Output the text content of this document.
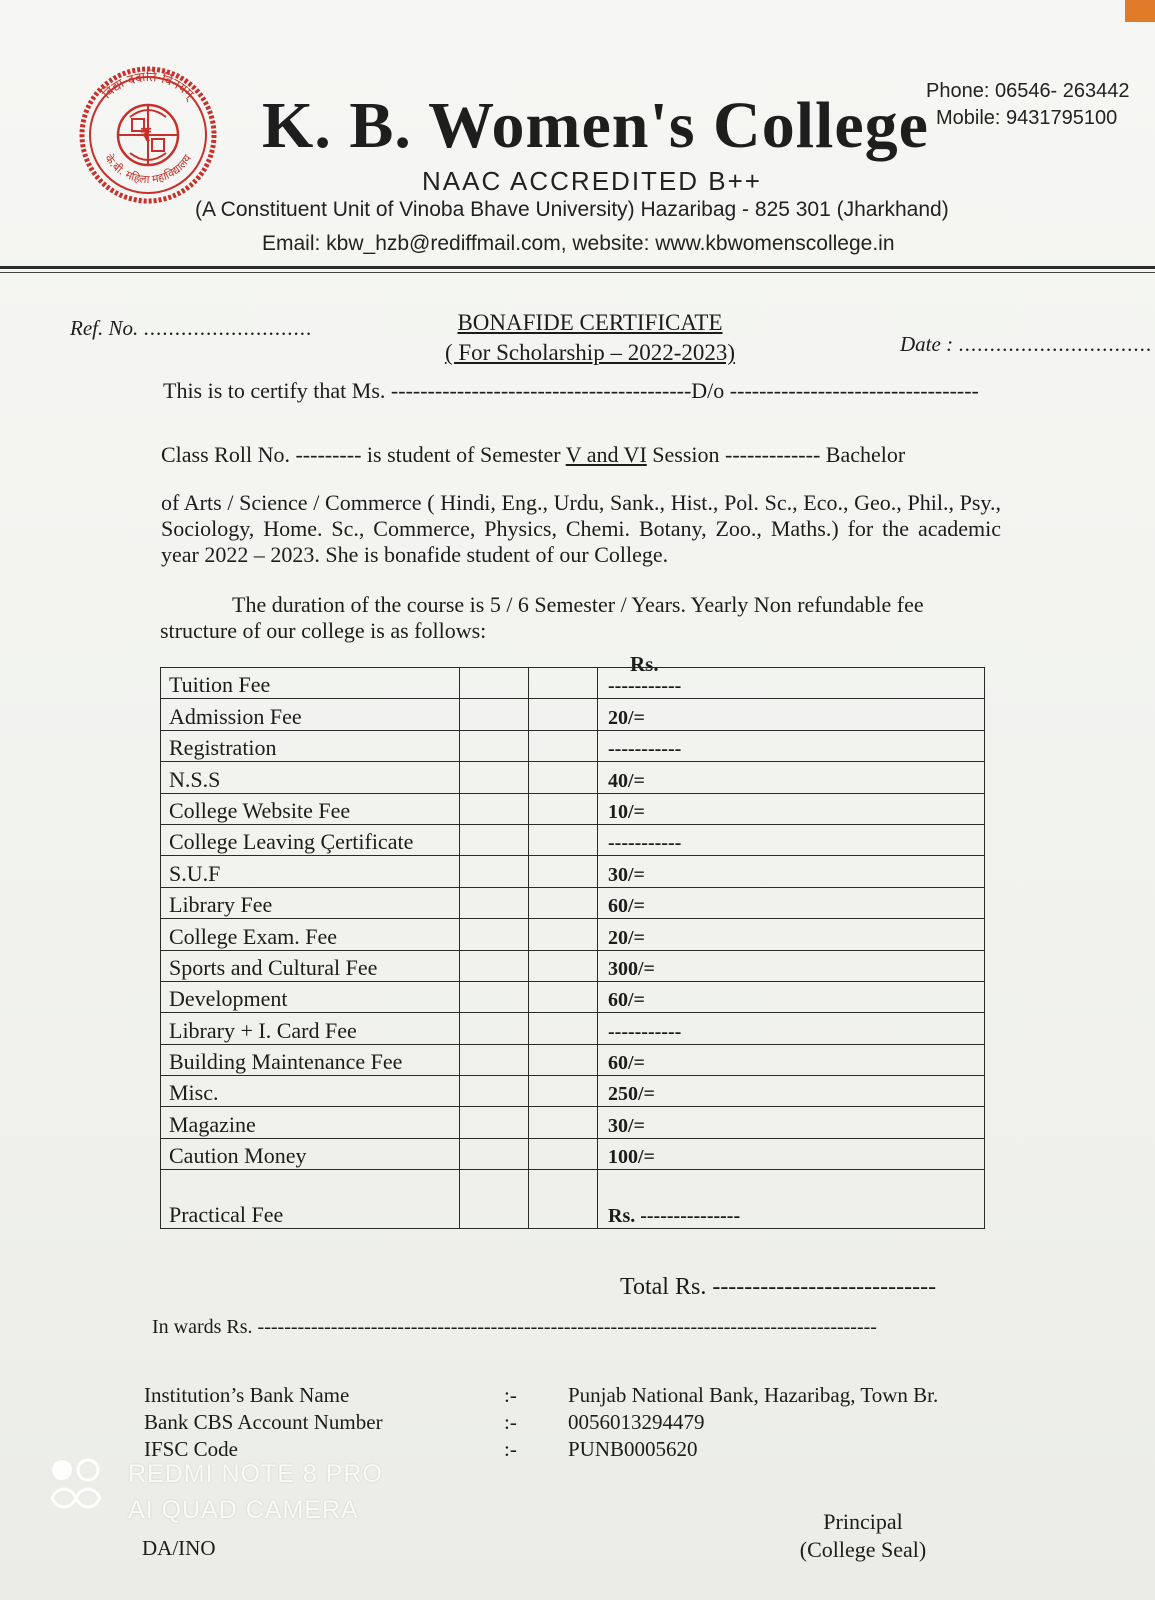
विद्या ददाति विनयम्
के.बी. महिला महाविद्यालय
₹
Phone: 06546- 263442
Mobile: 9431795100
K. B. Women's College
NAAC ACCREDITED B++
(A Constituent Unit of Vinoba Bhave University) Hazaribag - 825 301 (Jharkhand)
Email: kbw_hzb@rediffmail.com, website: www.kbwomenscollege.in
Ref. No. ...........................	BONAFIDE CERTIFICATE
( For Scholarship – 2022-2023)	Date : ...............................
This is to certify that Ms. -----------------------------------------D/o ----------------------------------
Class Roll No. --------- is student of Semester V and VI Session ------------- Bachelor
of Arts / Science / Commerce ( Hindi, Eng., Urdu, Sank., Hist., Pol. Sc., Eco., Geo., Phil., Psy., Sociology, Home. Sc., Commerce, Physics, Chemi. Botany, Zoo., Maths.) for the academic year 2022 – 2023. She is bonafide student of our College.
The duration of the course is 5 / 6 Semester / Years. Yearly Non refundable fee structure of our college is as follows:
Rs.
Tuition Fee			-----------
Admission Fee			20/=
Registration			-----------
N.S.S			40/=
College Website Fee			10/=
College Leaving Çertificate			-----------
S.U.F			30/=
Library Fee			60/=
College Exam. Fee			20/=
Sports and Cultural Fee			300/=
Development			60/=
Library + I. Card Fee			-----------
Building Maintenance Fee			60/=
Misc.			250/=
Magazine			30/=
Caution Money			100/=
Practical Fee			Rs. ---------------
Total Rs. ----------------------------
In wards Rs. ---------------------------------------------------------------------------------------------
Institution’s Bank Name	:-	Punjab National Bank, Hazaribag, Town Br.
Bank CBS Account Number	:-	0056013294479
IFSC Code	:-	PUNB0005620
REDMI NOTE 8 PRO
AI QUAD CAMERA	Principal
(College Seal)
DA/INO
